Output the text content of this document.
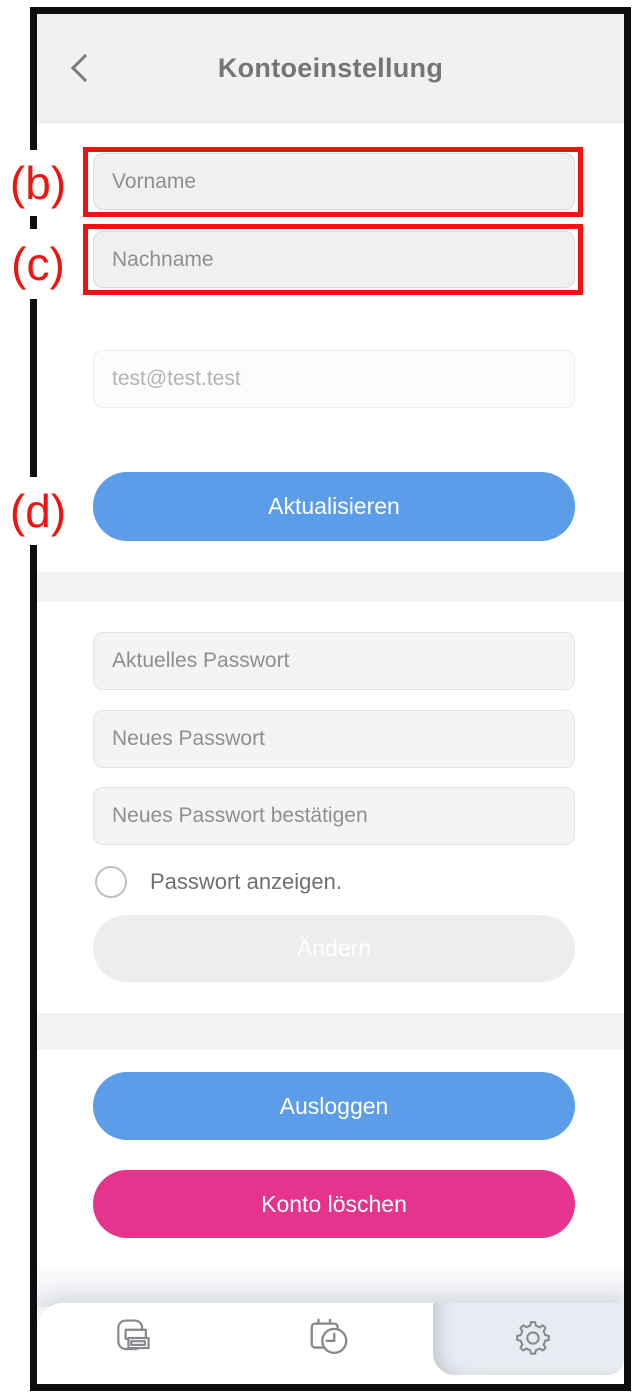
(b)
(c)
(d)
Kontoeinstellung
Vorname
Nachname
test@test.test
Aktualisieren
Passwort anzeigen.
Ändern
Ausloggen
Konto löschen
